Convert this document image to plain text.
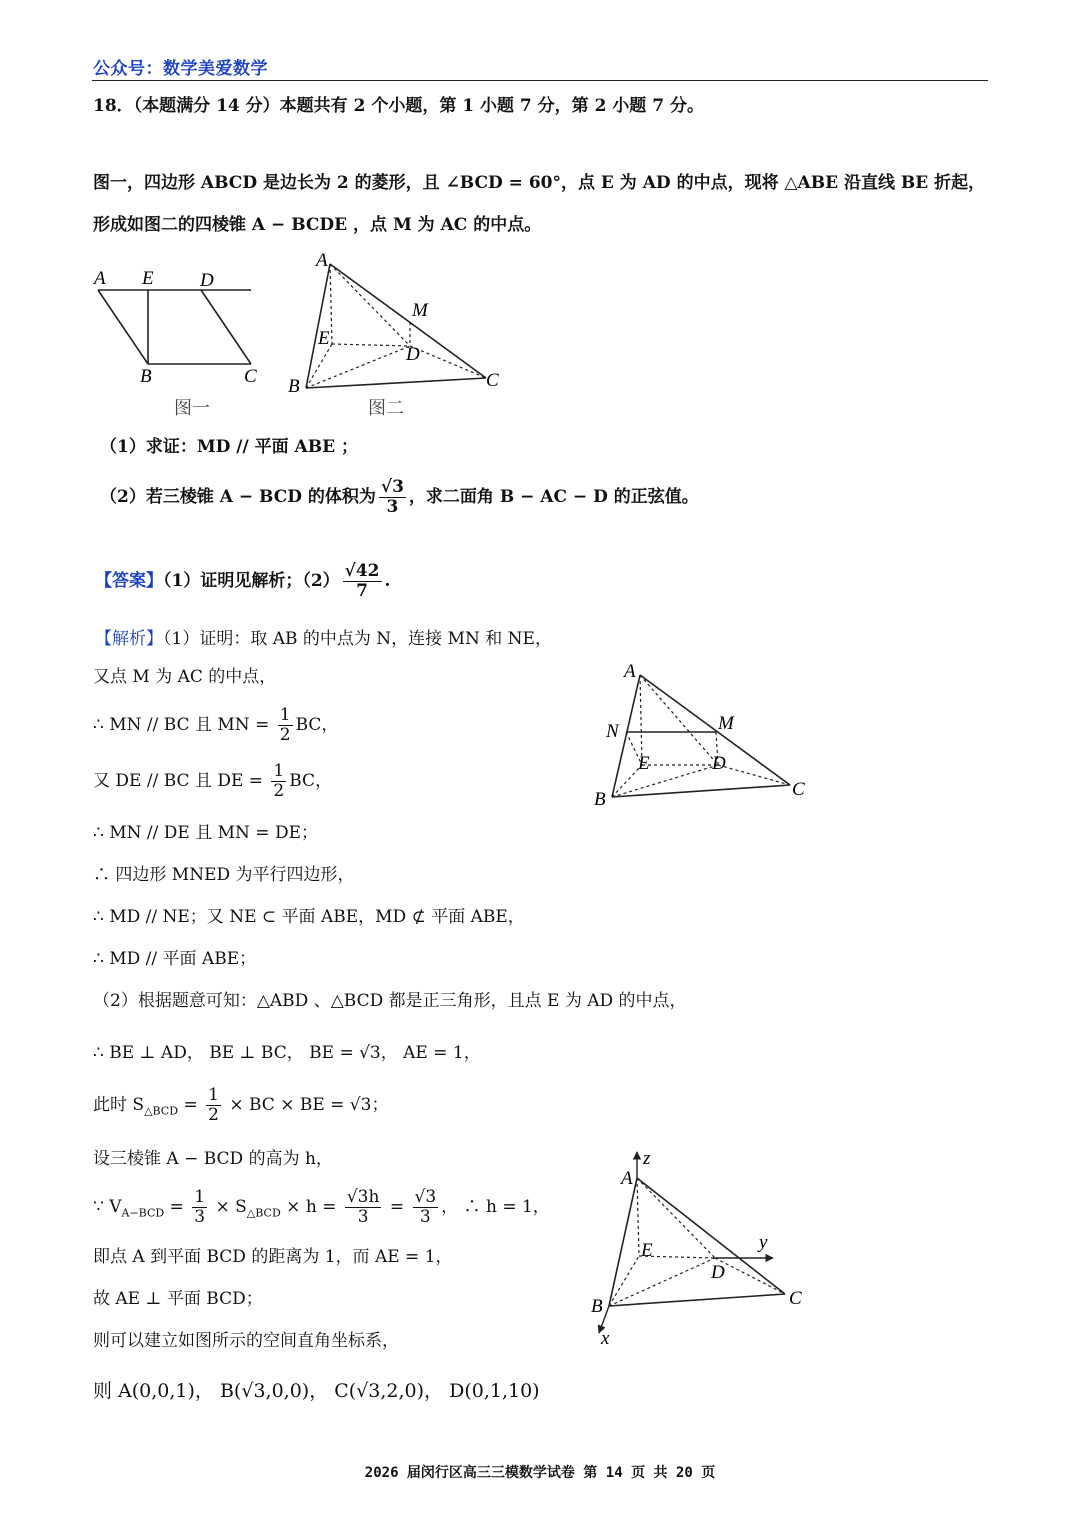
公众号：数学美爱数学
18．（本题满分 14 分）本题共有 2 个小题，第 1 小题 7 分，第 2 小题 7 分。
图一，四边形 ABCD 是边长为 2 的菱形，且 ∠BCD = 60°，点 E 为 AD 的中点，现将 △ABE 沿直线 BE 折起，
形成如图二的四棱锥 A − BCDE ，点 M 为 AC 的中点。
A E D
B	C
图一
A
M
E
D
B	C
图二
（1）求证：MD // 平面 ABE ；
（2）若三棱锥 A − BCD 的体积为 $\frac{√3}{3}$ ，求二面角 B − AC − D 的正弦值。
【答案】（1）证明见解析；$(2) \frac{√42}{7}$ .
【解析】（1）证明：取 AB 的中点为 N，连接 MN 和 NE，
又点 M 为 AC 的中点，
∴ MN // BC 且 MN = $\frac{1}{2}$ BC，
又 DE // BC 且 DE = $\frac{1}{2}$ BC，
∴ MN // DE 且 MN = DE；
∴ 四边形 MNED 为平行四边形，
∴ MD // NE；又 NE ⊂ 平面 ABE，MD ⊄ 平面 ABE，
∴ MD // 平面 ABE；
（2）根据题意可知：△ABD 、△BCD 都是正三角形，且点 E 为 AD 的中点，
∴ BE ⊥ AD， BE ⊥ BC， BE = √3， AE = 1，
此时 $S_{\triangle BCD} = \frac{1}{2}$ × BC × BE = √3；
设三棱锥 A − BCD 的高为 h，
∵ $V_{A-BCD} = \frac{1}{3} \times S_{\triangle BCD} \times h = \frac{√3h}{3} = \frac{√3}{3}$ ， ∴ h = 1，
即点 A 到平面 BCD 的距离为 1，而 AE = 1，
故 AE ⊥ 平面 BCD；
则可以建立如图所示的空间直角坐标系，
则 A(0,0,1)， B(√3,0,0)， C(√3,2,0)， D(0,1,10)
A
N	M
E	D
B	C
z
A
E	y
D
B	C
x
2026 届闵行区高三三模数学试卷 第 14 页 共 20 页
